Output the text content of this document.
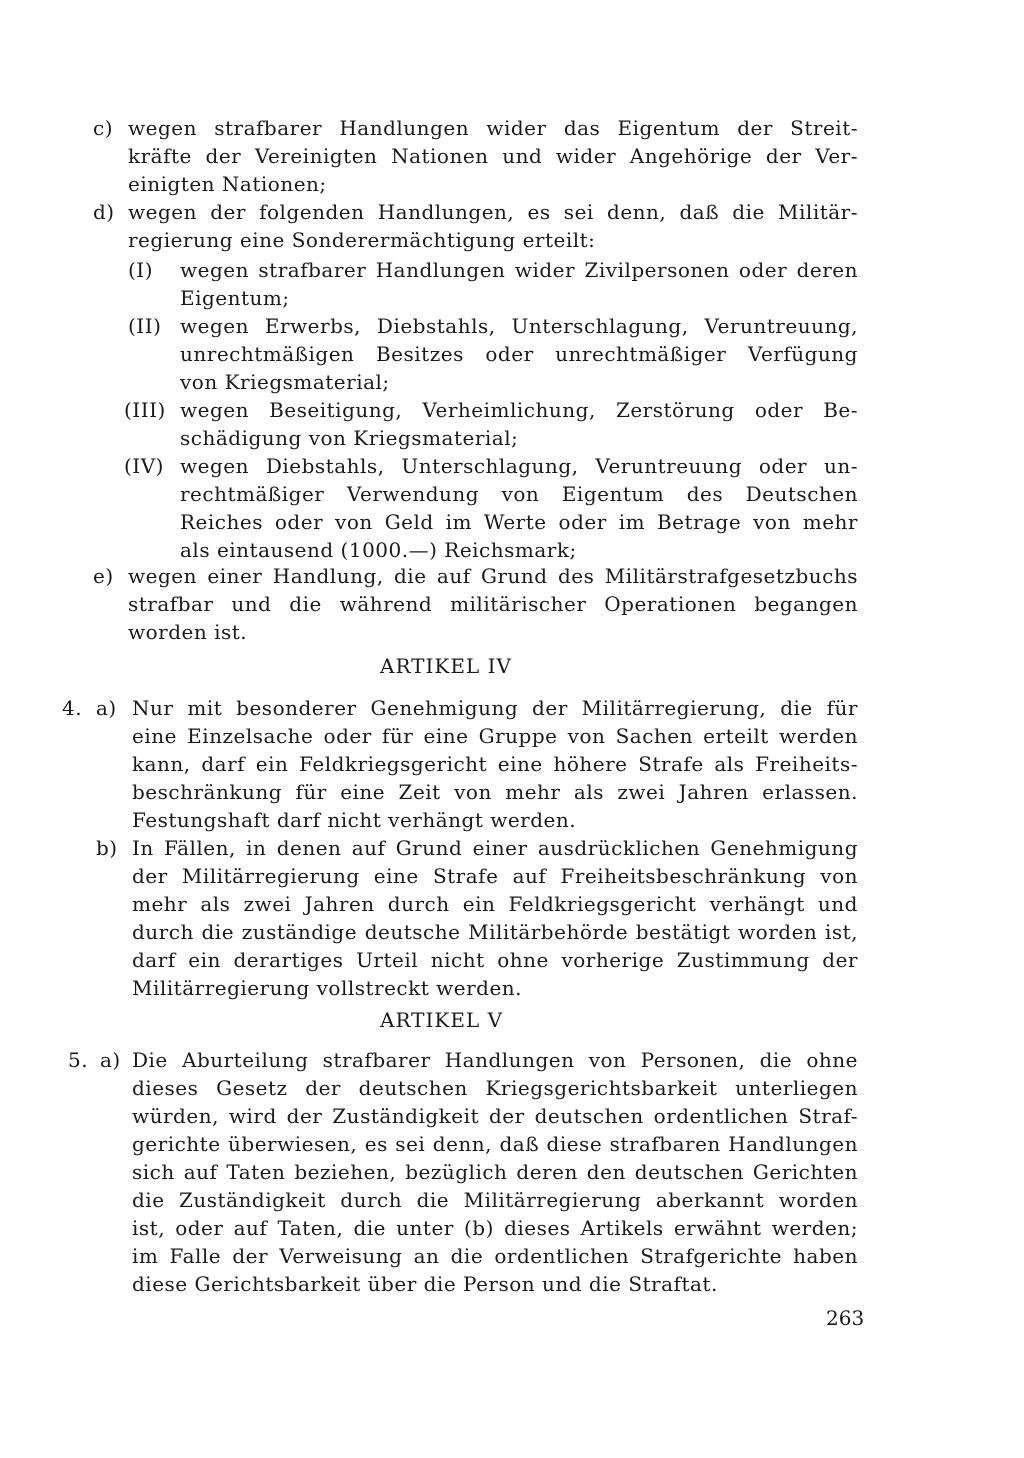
c) wegen strafbarer Handlungen wider das Eigentum der Streit-
kräfte der Vereinigten Nationen und wider Angehörige der Ver-
einigten Nationen;
d) wegen der folgenden Handlungen, es sei denn, daß die Militär-
regierung eine Sonderermächtigung erteilt:
(I) wegen strafbarer Handlungen wider Zivilpersonen oder deren
Eigentum;
(II) wegen Erwerbs, Diebstahls, Unterschlagung, Veruntreuung,
unrechtmäßigen Besitzes oder unrechtmäßiger Verfügung
von Kriegsmaterial;
(III) wegen Beseitigung, Verheimlichung, Zerstörung oder Be-
schädigung von Kriegsmaterial;
(IV) wegen Diebstahls, Unterschlagung, Veruntreuung oder un-
rechtmäßiger Verwendung von Eigentum des Deutschen
Reiches oder von Geld im Werte oder im Betrage von mehr
als eintausend (1000.—) Reichsmark;
e) wegen einer Handlung, die auf Grund des Militärstrafgesetzbuchs
strafbar und die während militärischer Operationen begangen
worden ist.
ARTIKEL IV
4. a) Nur mit besonderer Genehmigung der Militärregierung, die für
eine Einzelsache oder für eine Gruppe von Sachen erteilt werden
kann, darf ein Feldkriegsgericht eine höhere Strafe als Freiheits-
beschränkung für eine Zeit von mehr als zwei Jahren erlassen.
Festungshaft darf nicht verhängt werden.
b) In Fällen, in denen auf Grund einer ausdrücklichen Genehmigung
der Militärregierung eine Strafe auf Freiheitsbeschränkung von
mehr als zwei Jahren durch ein Feldkriegsgericht verhängt und
durch die zuständige deutsche Militärbehörde bestätigt worden ist,
darf ein derartiges Urteil nicht ohne vorherige Zustimmung der
Militärregierung vollstreckt werden.
ARTIKEL V
5. a) Die Aburteilung strafbarer Handlungen von Personen, die ohne
dieses Gesetz der deutschen Kriegsgerichtsbarkeit unterliegen
würden, wird der Zuständigkeit der deutschen ordentlichen Straf-
gerichte überwiesen, es sei denn, daß diese strafbaren Handlungen
sich auf Taten beziehen, bezüglich deren den deutschen Gerichten
die Zuständigkeit durch die Militärregierung aberkannt worden
ist, oder auf Taten, die unter (b) dieses Artikels erwähnt werden;
im Falle der Verweisung an die ordentlichen Strafgerichte haben
diese Gerichtsbarkeit über die Person und die Straftat.
263
